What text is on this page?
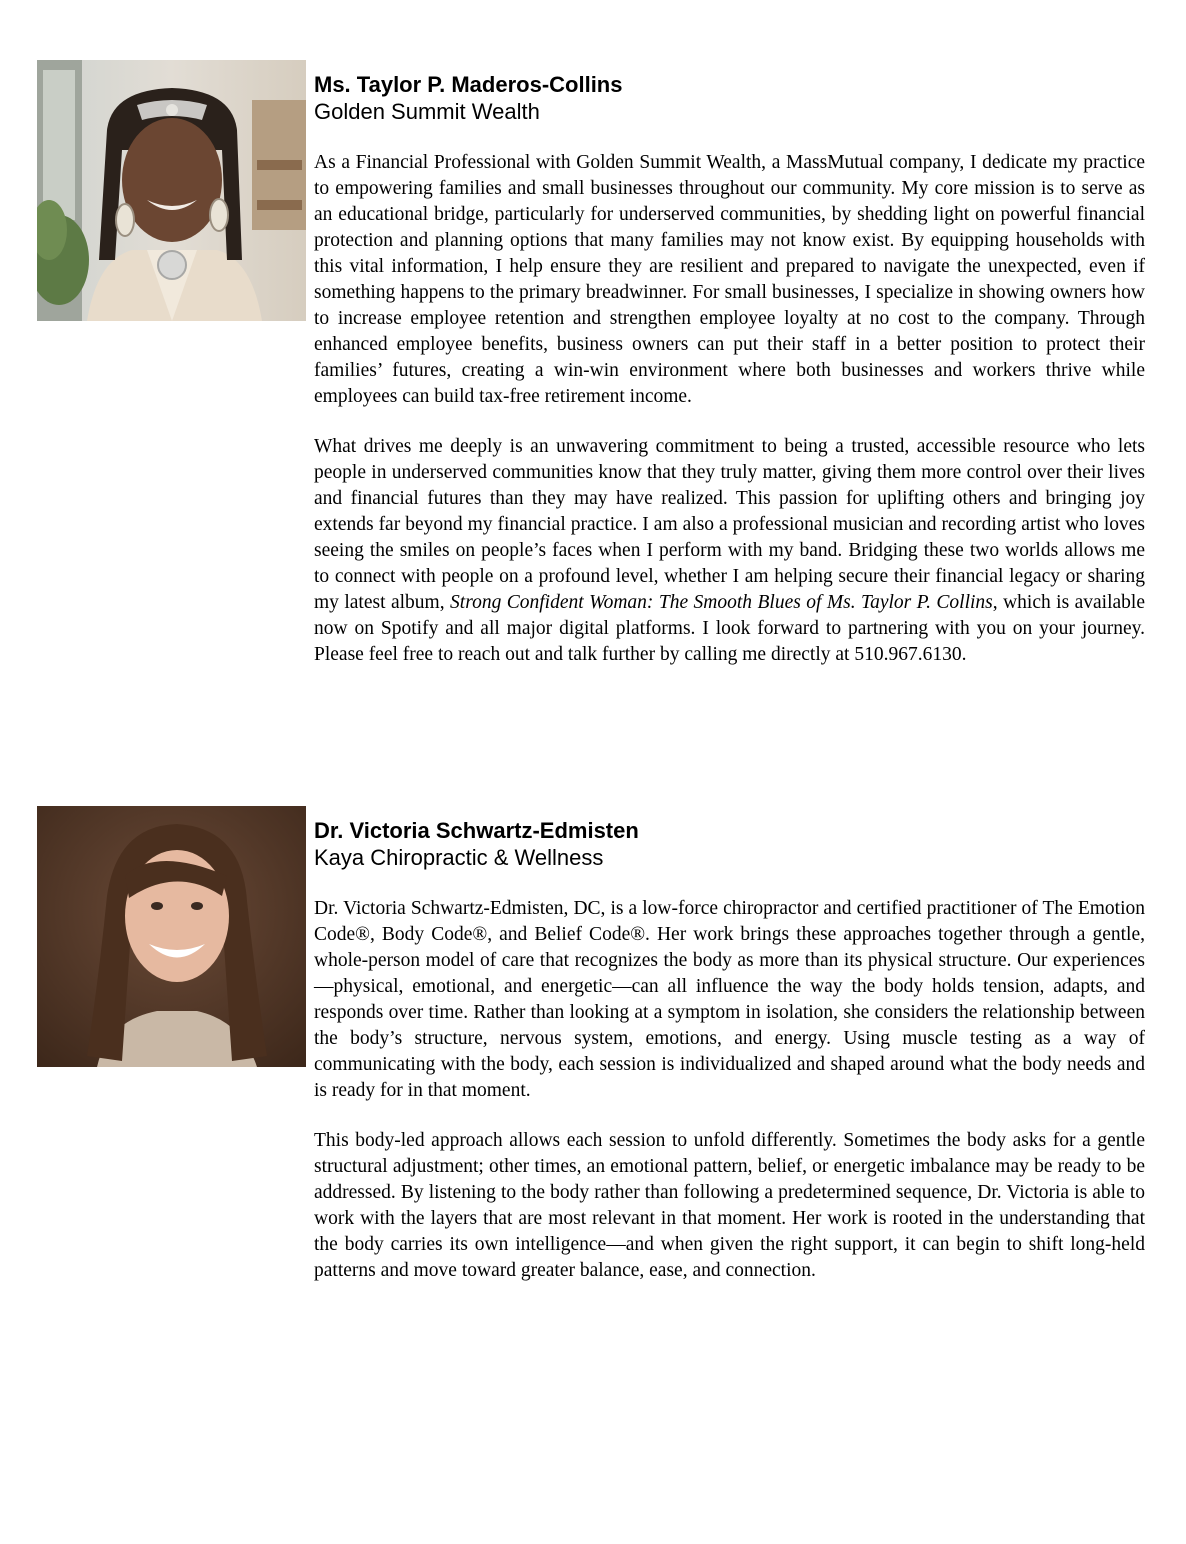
Ms. Taylor P. Maderos-Collins
Golden Summit Wealth

As a Financial Professional with Golden Summit Wealth, a MassMutual company, I dedicate my practice to empowering families and small businesses throughout our community. My core mission is to serve as an educational bridge, particularly for underserved communities, by shedding light on powerful financial protection and planning options that many families may not know exist. By equipping households with this vital information, I help ensure they are resilient and prepared to navigate the unexpected, even if something happens to the primary breadwinner. For small businesses, I specialize in showing owners how to increase employee retention and strengthen employee loyalty at no cost to the company. Through enhanced employee benefits, business owners can put their staff in a better position to protect their families’ futures, creating a win-win environment where both businesses and workers thrive while employees can build tax-free retirement income.

What drives me deeply is an unwavering commitment to being a trusted, accessible resource who lets people in underserved communities know that they truly matter, giving them more control over their lives and financial futures than they may have realized. This passion for uplifting others and bringing joy extends far beyond my financial practice. I am also a professional musician and recording artist who loves seeing the smiles on people’s faces when I perform with my band. Bridging these two worlds allows me to connect with people on a profound level, whether I am helping secure their financial legacy or sharing my latest album, Strong Confident Woman: The Smooth Blues of Ms. Taylor P. Collins, which is available now on Spotify and all major digital platforms. I look forward to partnering with you on your journey. Please feel free to reach out and talk further by calling me directly at 510.967.6130.

Dr. Victoria Schwartz-Edmisten
Kaya Chiropractic & Wellness

Dr. Victoria Schwartz-Edmisten, DC, is a low-force chiropractor and certified practitioner of The Emotion Code®, Body Code®, and Belief Code®. Her work brings these approaches together through a gentle, whole-person model of care that recognizes the body as more than its physical structure. Our experiences—physical, emotional, and energetic—can all influence the way the body holds tension, adapts, and responds over time. Rather than looking at a symptom in isolation, she considers the relationship between the body’s structure, nervous system, emotions, and energy. Using muscle testing as a way of communicating with the body, each session is individualized and shaped around what the body needs and is ready for in that moment.

This body-led approach allows each session to unfold differently. Sometimes the body asks for a gentle structural adjustment; other times, an emotional pattern, belief, or energetic imbalance may be ready to be addressed. By listening to the body rather than following a predetermined sequence, Dr. Victoria is able to work with the layers that are most relevant in that moment. Her work is rooted in the understanding that the body carries its own intelligence—and when given the right support, it can begin to shift long-held patterns and move toward greater balance, ease, and connection.
